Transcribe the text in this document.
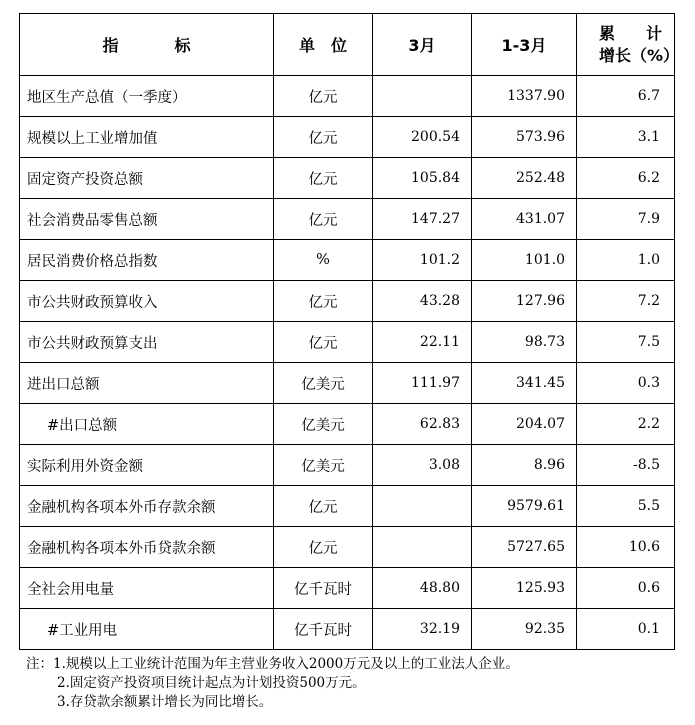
指 标	单 位	3月	1-3月	累 计
增长（%）

地区生产总值（一季度）	亿元		1337.90	6.7
规模以上工业增加值	亿元	200.54	573.96	3.1
固定资产投资总额	亿元	105.84	252.48	6.2
社会消费品零售总额	亿元	147.27	431.07	7.9
居民消费价格总指数	%	101.2	101.0	1.0
市公共财政预算收入	亿元	43.28	127.96	7.2
市公共财政预算支出	亿元	22.11	98.73	7.5
进出口总额	亿美元	111.97	341.45	0.3
#出口总额	亿美元	62.83	204.07	2.2
实际利用外资金额	亿美元	3.08	8.96	-8.5
金融机构各项本外币存款余额	亿元		9579.61	5.5
金融机构各项本外币贷款余额	亿元		5727.65	10.6
全社会用电量	亿千瓦时	48.80	125.93	0.6
#工业用电	亿千瓦时	32.19	92.35	0.1
注：1.规模以上工业统计范围为年主营业务收入2000万元及以上的工业法人企业。
2.固定资产投资项目统计起点为计划投资500万元。
3.存贷款余额累计增长为同比增长。
